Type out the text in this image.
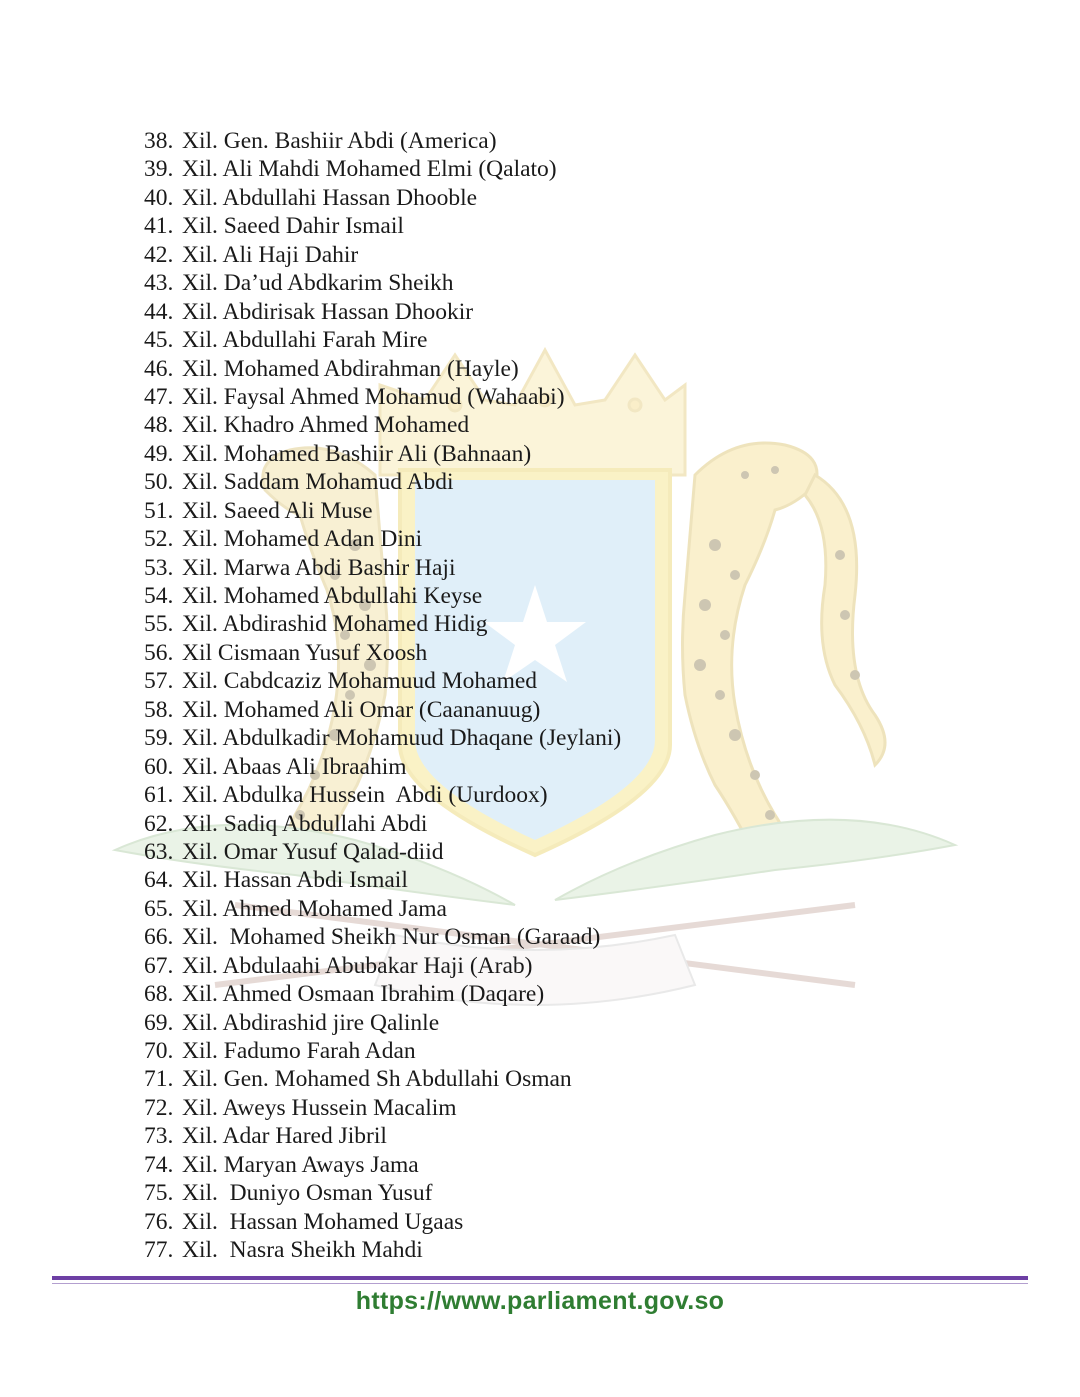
38. Xil. Gen. Bashiir Abdi (America)
39. Xil. Ali Mahdi Mohamed Elmi (Qalato)
40. Xil. Abdullahi Hassan Dhooble
41. Xil. Saeed Dahir Ismail
42. Xil. Ali Haji Dahir
43. Xil. Da’ud Abdkarim Sheikh
44. Xil. Abdirisak Hassan Dhookir
45. Xil. Abdullahi Farah Mire
46. Xil. Mohamed Abdirahman (Hayle)
47. Xil. Faysal Ahmed Mohamud (Wahaabi)
48. Xil. Khadro Ahmed Mohamed
49. Xil. Mohamed Bashiir Ali (Bahnaan)
50. Xil. Saddam Mohamud Abdi
51. Xil. Saeed Ali Muse
52. Xil. Mohamed Adan Dini
53. Xil. Marwa Abdi Bashir Haji
54. Xil. Mohamed Abdullahi Keyse
55. Xil. Abdirashid Mohamed Hidig
56. Xil Cismaan Yusuf Xoosh
57. Xil. Cabdcaziz Mohamuud Mohamed
58. Xil. Mohamed Ali Omar (Caananuug)
59. Xil. Abdulkadir Mohamuud Dhaqane (Jeylani)
60. Xil. Abaas Ali Ibraahim
61. Xil. Abdulka Hussein  Abdi (Uurdoox)
62. Xil. Sadiq Abdullahi Abdi
63. Xil. Omar Yusuf Qalad-diid
64. Xil. Hassan Abdi Ismail
65. Xil. Ahmed Mohamed Jama
66. Xil.  Mohamed Sheikh Nur Osman (Garaad)
67. Xil. Abdulaahi Abubakar Haji (Arab)
68. Xil. Ahmed Osmaan Ibrahim (Daqare)
69. Xil. Abdirashid jire Qalinle
70. Xil. Fadumo Farah Adan
71. Xil. Gen. Mohamed Sh Abdullahi Osman
72. Xil. Aweys Hussein Macalim
73. Xil. Adar Hared Jibril
74. Xil. Maryan Aways Jama
75. Xil.  Duniyo Osman Yusuf
76. Xil.  Hassan Mohamed Ugaas
77. Xil.  Nasra Sheikh Mahdi
https://www.parliament.gov.so
